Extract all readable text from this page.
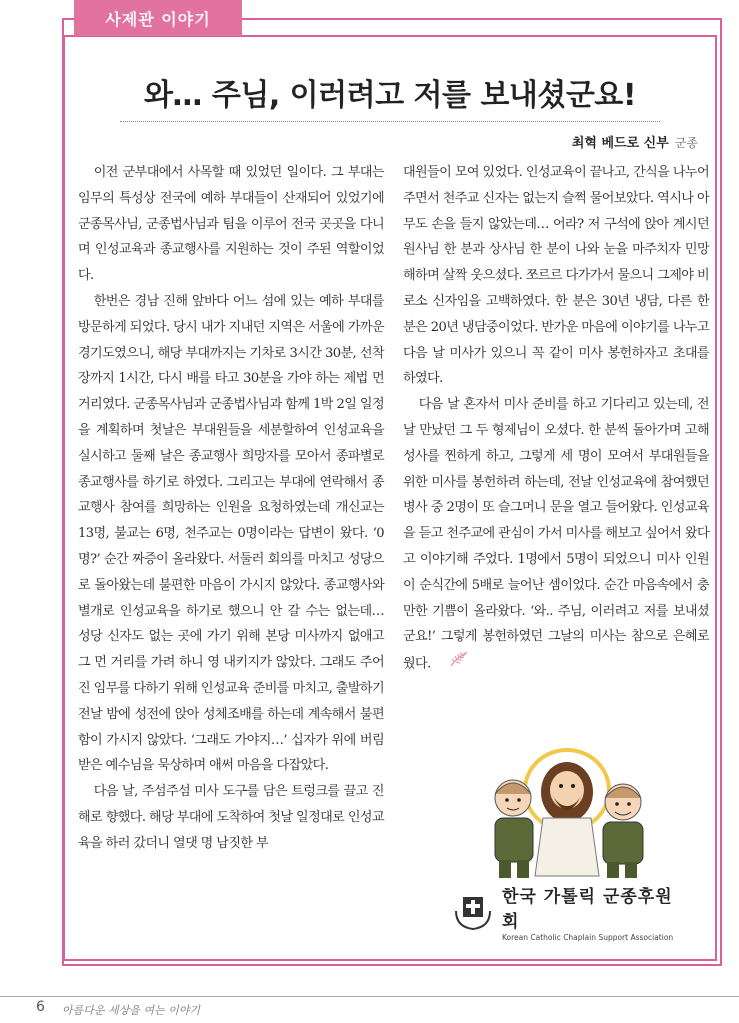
사제관 이야기
와… 주님, 이러려고 저를 보내셨군요!
최혁 베드로 신부 군종

이전 군부대에서 사목할 때 있었던 일이다. 그 부대는 임무의 특성상 전국에 예하 부대들이 산재되어 있었기에 군종목사님, 군종법사님과 팀을 이루어 전국 곳곳을 다니며 인성교육과 종교행사를 지원하는 것이 주된 역할이었다.

한번은 경남 진해 앞바다 어느 섬에 있는 예하 부대를 방문하게 되었다. 당시 내가 지내던 지역은 서울에 가까운 경기도였으니, 해당 부대까지는 기차로 3시간 30분, 선착장까지 1시간, 다시 배를 타고 30분을 가야 하는 제법 먼 거리였다. 군종목사님과 군종법사님과 함께 1박 2일 일정을 계획하며 첫날은 부대원들을 세분할하여 인성교육을 실시하고 둘째 날은 종교행사 희망자를 모아서 종파별로 종교행사를 하기로 하였다. 그리고는 부대에 연락해서 종교행사 참여를 희망하는 인원을 요청하였는데 개신교는 13명, 불교는 6명, 천주교는 0명이라는 답변이 왔다. ‘0명?’ 순간 짜증이 올라왔다. 서둘러 회의를 마치고 성당으로 돌아왔는데 불편한 마음이 가시지 않았다. 종교행사와 별개로 인성교육을 하기로 했으니 안 갈 수는 없는데… 성당 신자도 없는 곳에 가기 위해 본당 미사까지 없애고 그 먼 거리를 가려 하니 영 내키지가 않았다. 그래도 주어진 임무를 다하기 위해 인성교육 준비를 마치고, 출발하기 전날 밤에 성전에 앉아 성체조배를 하는데 계속해서 불편함이 가시지 않았다. ‘그래도 가야지…’ 십자가 위에 버림받은 예수님을 묵상하며 애써 마음을 다잡았다.

다음 날, 주섬주섬 미사 도구를 담은 트렁크를 끌고 진해로 향했다. 해당 부대에 도착하여 첫날 일정대로 인성교육을 하러 갔더니 열댓 명 남짓한 부

대원들이 모여 있었다. 인성교육이 끝나고, 간식을 나누어주면서 천주교 신자는 없는지 슬쩍 물어보았다. 역시나 아무도 손을 들지 않았는데… 어라? 저 구석에 앉아 계시던 원사님 한 분과 상사님 한 분이 나와 눈을 마주치자 민망해하며 살짝 웃으셨다. 쪼르르 다가가서 물으니 그제야 비로소 신자임을 고백하였다. 한 분은 30년 냉담, 다른 한 분은 20년 냉담중이었다. 반가운 마음에 이야기를 나누고 다음 날 미사가 있으니 꼭 같이 미사 봉헌하자고 초대를 하였다.

다음 날 혼자서 미사 준비를 하고 기다리고 있는데, 전날 만났던 그 두 형제님이 오셨다. 한 분씩 돌아가며 고해성사를 찐하게 하고, 그렇게 세 명이 모여서 부대원들을 위한 미사를 봉헌하려 하는데, 전날 인성교육에 참여했던 병사 중 2명이 또 슬그머니 문을 열고 들어왔다. 인성교육을 듣고 천주교에 관심이 가서 미사를 해보고 싶어서 왔다고 이야기해 주었다. 1명에서 5명이 되었으니 미사 인원이 순식간에 5배로 늘어난 셈이었다. 순간 마음속에서 충만한 기쁨이 올라왔다. ‘와.. 주님, 이러려고 저를 보내셨군요!’ 그렇게 봉헌하였던 그날의 미사는 참으로 은혜로웠다.

한국 가톨릭 군종후원회
Korean Catholic Chaplain Support Association
6 아름다운 세상을 여는 이야기
